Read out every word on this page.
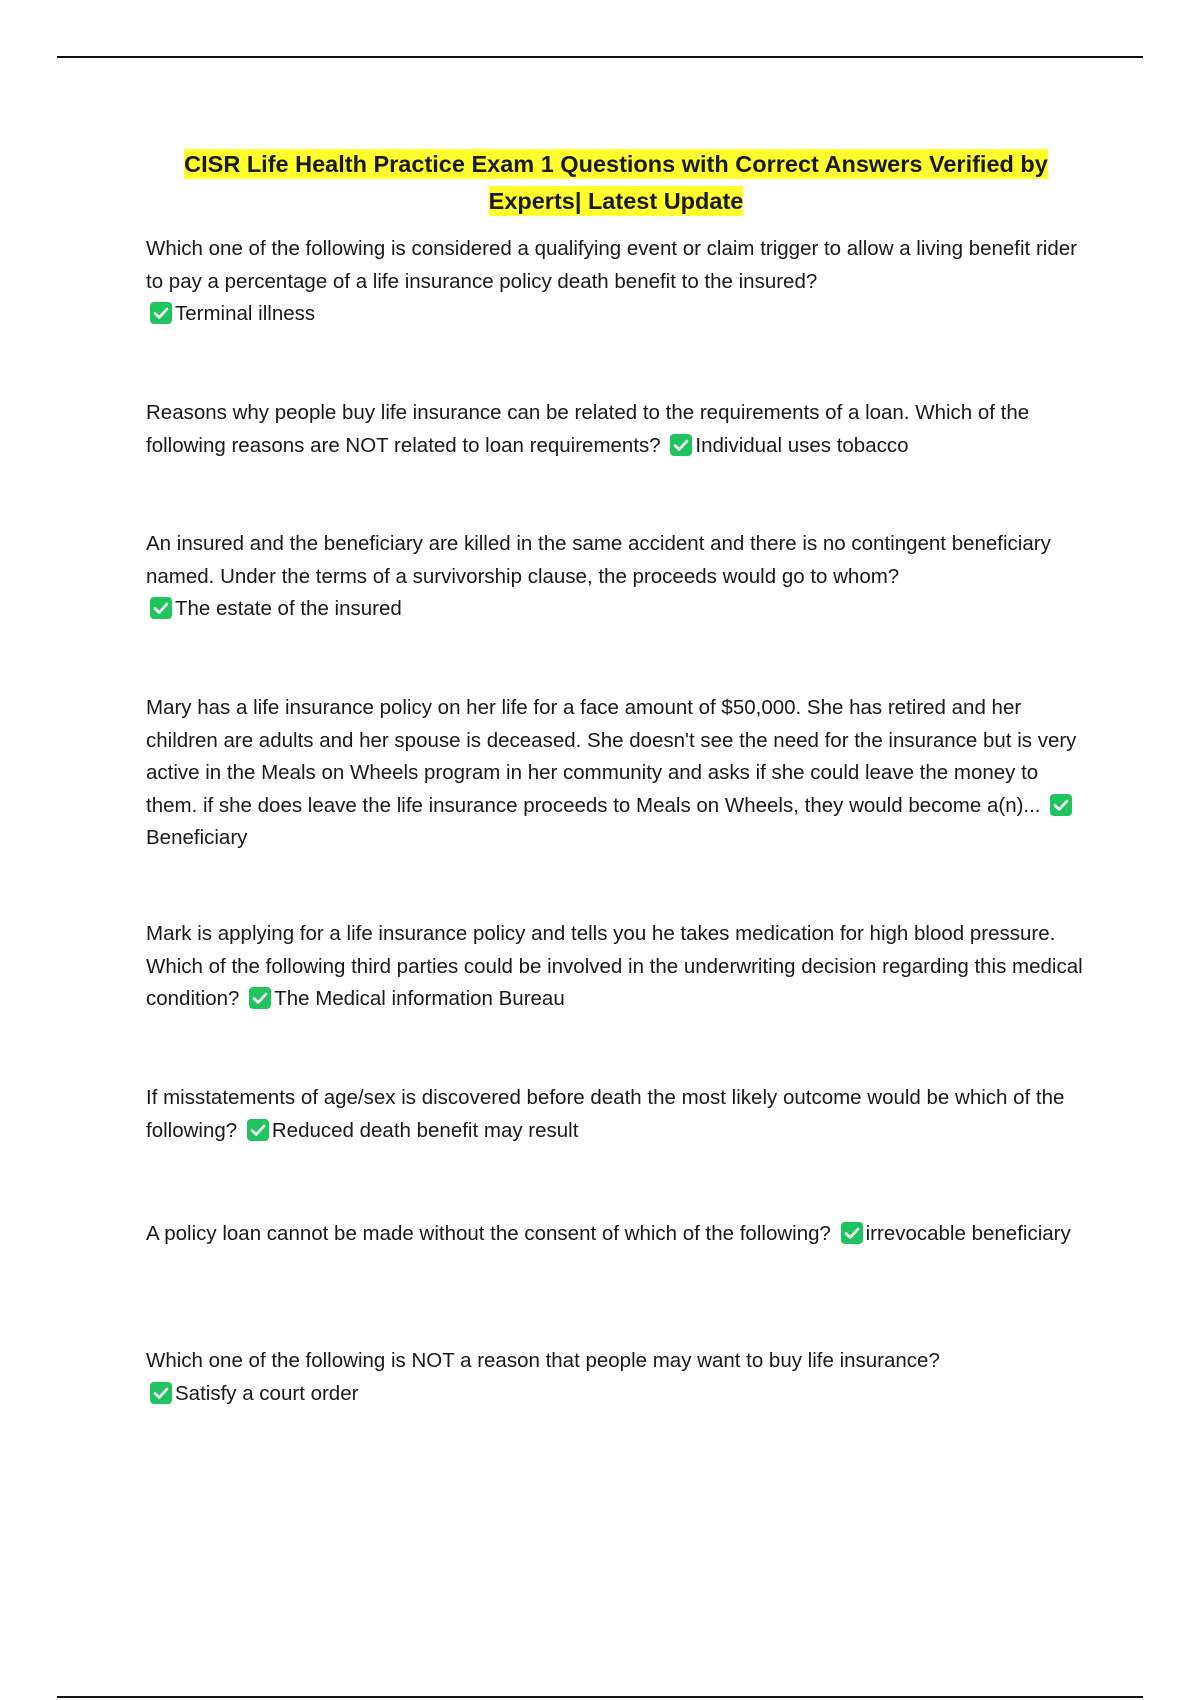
CISR Life Health Practice Exam 1 Questions with Correct Answers Verified by Experts| Latest Update

Which one of the following is considered a qualifying event or claim trigger to allow a living benefit rider to pay a percentage of a life insurance policy death benefit to the insured?

Terminal illness

Reasons why people buy life insurance can be related to the requirements of a loan. Which of the following reasons are NOT related to loan requirements? Individual uses tobacco

An insured and the beneficiary are killed in the same accident and there is no contingent beneficiary named. Under the terms of a survivorship clause, the proceeds would go to whom?

The estate of the insured

Mary has a life insurance policy on her life for a face amount of $50,000. She has retired and her children are adults and her spouse is deceased. She doesn't see the need for the insurance but is very active in the Meals on Wheels program in her community and asks if she could leave the money to them. if she does leave the life insurance proceeds to Meals on Wheels, they would become a(n)...
Beneficiary

Mark is applying for a life insurance policy and tells you he takes medication for high blood pressure. Which of the following third parties could be involved in the underwriting decision regarding this medical condition? The Medical information Bureau

If misstatements of age/sex is discovered before death the most likely outcome would be which of the following? Reduced death benefit may result

A policy loan cannot be made without the consent of which of the following? irrevocable beneficiary

Which one of the following is NOT a reason that people may want to buy life insurance?

Satisfy a court order
